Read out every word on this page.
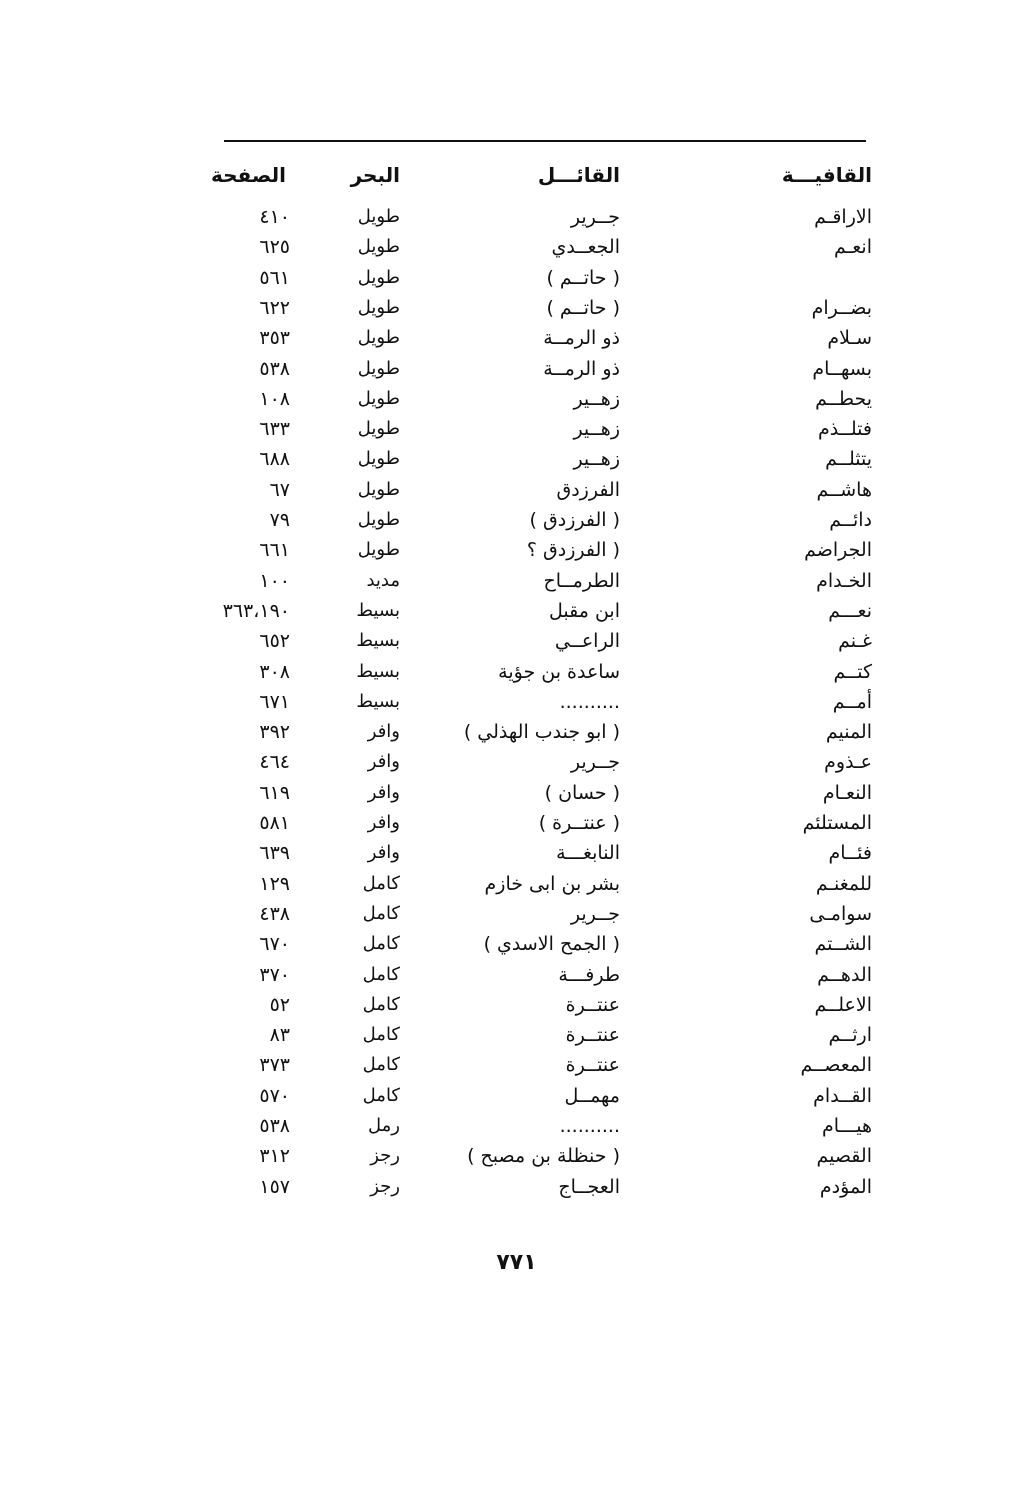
القافيـــة
القائـــل
البحر
الصفحة
الاراقـم
جــرير
طويل
٤١٠
انعـم
الجعــدي
طويل
٦٢٥
( حاتــم )
طويل
٥٦١
بضــرام
( حاتــم )
طويل
٦٢٢
سـلام
ذو الرمــة
طويل
٣٥٣
بسهــام
ذو الرمــة
طويل
٥٣٨
يحطــم
زهــير
طويل
١٠٨
فتلــذم
زهــير
طويل
٦٣٣
يتثلــم
زهــير
طويل
٦٨٨
هاشــم
الفرزدق
طويل
٦٧
دائــم
( الفرزدق )
طويل
٧٩
الجراضم
( الفرزدق ؟
طويل
٦٦١
الخـدام
الطرمــاح
مديد
١٠٠
نعـــم
ابن مقبل
بسيط
٣٦٣،١٩٠
غـنم
الراعــي
بسيط
٦٥٢
كتــم
ساعدة بن جؤية
بسيط
٣٠٨
أمــم
..........
بسيط
٦٧١
المنيم
( ابو جندب الهذلي )
وافر
٣٩٢
عـذوم
جــرير
وافر
٤٦٤
النعـام
( حسان )
وافر
٦١٩
المستلئم
( عنتــرة )
وافر
٥٨١
فئــام
النابغـــة
وافر
٦٣٩
للمغنـم
بشر بن ابى خازم
كامل
١٢٩
سوامـى
جــرير
كامل
٤٣٨
الشــتم
( الجمح الاسدي )
كامل
٦٧٠
الدهــم
طرفـــة
كامل
٣٧٠
الاعلــم
عنتــرة
كامل
٥٢
ارثــم
عنتــرة
كامل
٨٣
المعصــم
عنتــرة
كامل
٣٧٣
القــدام
مهمــل
كامل
٥٧٠
هيـــام
..........
رمل
٥٣٨
القصيم
( حنظلة بن مصبح )
رجز
٣١٢
المؤدم
العجــاج
رجز
١٥٧
٧٧١
